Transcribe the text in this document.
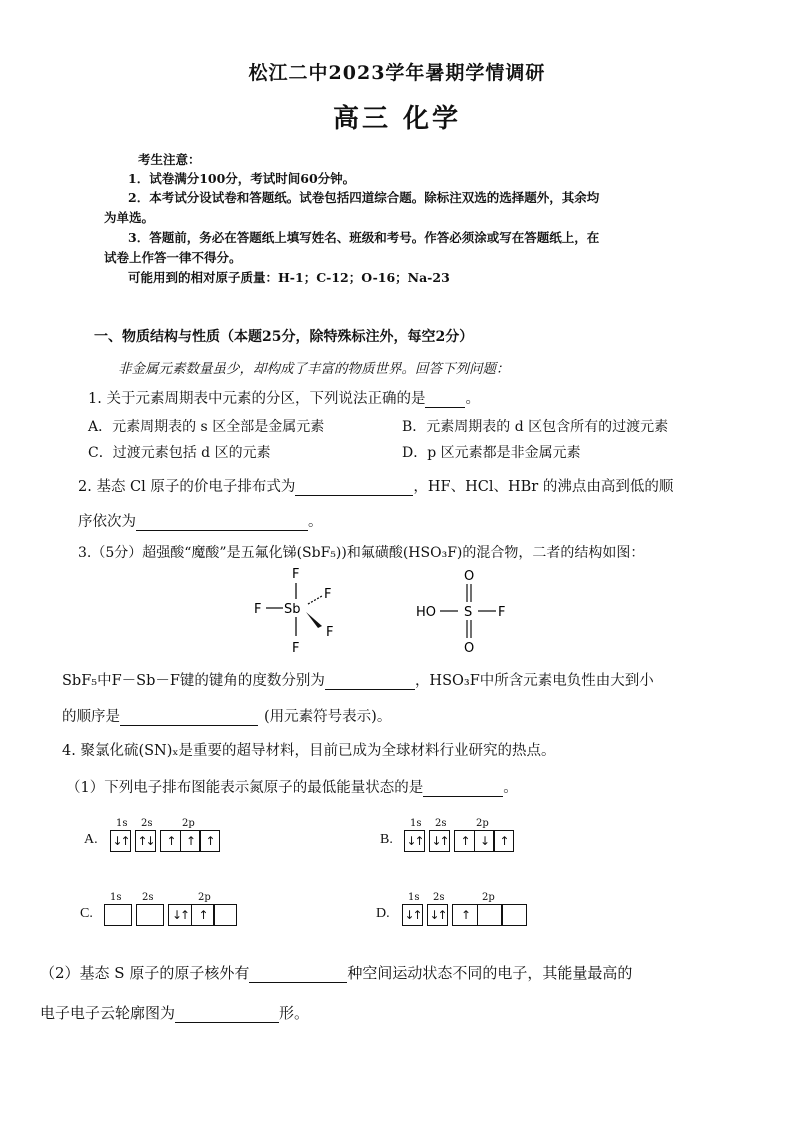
松江二中2023学年暑期学情调研
高三 化学
考生注意：
1．试卷满分100分，考试时间60分钟。
2．本考试分设试卷和答题纸。试卷包括四道综合题。除标注双选的选择题外，其余均
为单选。
3．答题前，务必在答题纸上填写姓名、班级和考号。作答必须涂或写在答题纸上，在
试卷上作答一律不得分。
可能用到的相对原子质量：H-1；C-12；O-16；Na-23
一、物质结构与性质（本题25分，除特殊标注外，每空2分）
非金属元素数量虽少，却构成了丰富的物质世界。回答下列问题：
1. 关于元素周期表中元素的分区，下列说法正确的是	。
A．元素周期表的 s 区全部是金属元素	B．元素周期表的 d 区包含所有的过渡元素
C．过渡元素包括 d 区的元素	D．p 区元素都是非金属元素
2. 基态 Cl 原子的价电子排布式为	，HF、HCl、HBr 的沸点由高到低的顺
序依次为	。
3.（5分）超强酸“魔酸”是五氟化锑(SbF₅))和氟磺酸(HSO₃F)的混合物，二者的结构如图：
F
F Sb
F
F
F
O
HO S F
O
SbF₅中F－Sb－F键的键角的度数分别为	，HSO₃F中所含元素电负性由大到小
的顺序是	(用元素符号表示)。
4. 聚氯化硫(SN)ₓ是重要的超导材料，目前已成为全球材料行业研究的热点。
（1）下列电子排布图能表示氮原子的最低能量状态的是	。
A.
1s
↓↑
2s
↑↓
2p
↑ ↑ ↑	B.
1s
↓↑
2s
↓↑
2p
↑ ↓ ↑
C.
1s	2s	2p
↓↑ ↑	D.
1s
↓↑
2s
↓↑
2p
↑
（2）基态 S 原子的原子核外有	种空间运动状态不同的电子，其能量最高的
电子电子云轮廓图为	形。
